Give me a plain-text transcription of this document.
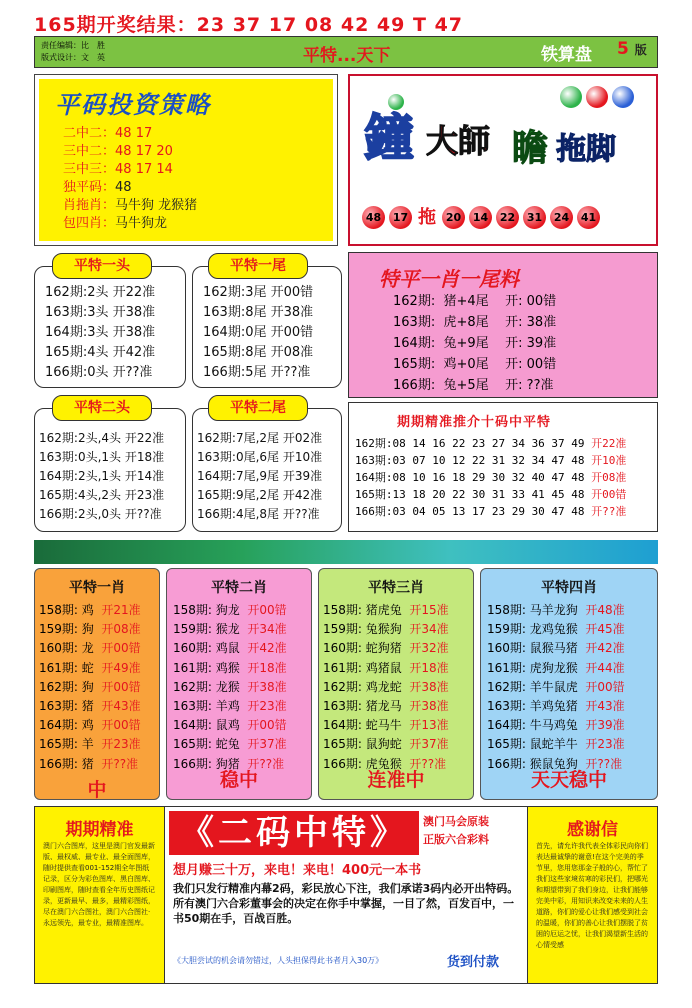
165期开奖结果：23 37 17 08 42 49 T 47
责任编辑：比　胜
版式设计：文　英	平特...天下	铁算盘 5 版
平码投资策略
二中二：48 17
三中二：48 17 20
三中三：48 17 14
独平码：48
肖拖肖：马牛狗 龙猴猪
包四肖：马牛狗龙
鐘 大師 瞻 拖脚
48	17 拖 20	14	22	31	24	41
162期:2头 开22准
163期:3头 开38准
164期:3头 开38准
165期:4头 开42准
166期:0头 开??准
平特一头
162期:3尾 开00错
163期:8尾 开38准
164期:0尾 开00错
165期:8尾 开08准
166期:5尾 开??准
平特一尾
162期:2头,4头 开22准
163期:0头,1头 开18准
164期:2头,1头 开14准
165期:4头,2头 开23准
166期:2头,0头 开??准
平特二头
162期:7尾,2尾 开02准
163期:0尾,6尾 开10准
164期:7尾,9尾 开39准
165期:9尾,2尾 开42准
166期:4尾,8尾 开??准
平特二尾
特平一肖一尾料
162期:  猪+4尾    开: 00错
163期:  虎+8尾    开: 38准
164期:  兔+9尾    开: 39准
165期:  鸡+0尾    开: 00错
166期:  兔+5尾    开: ??准
期期精准推介十码中平特
162期:08 14 16 22 23 27 34 36 37 49 开22准
163期:03 07 10 12 22 31 32 34 47 48 开10准
164期:08 10 16 18 29 30 32 40 47 48 开08准
165期:13 18 20 22 30 31 33 41 45 48 开00错
166期:03 04 05 13 17 23 29 30 47 48 开??准
平特一肖
158期: 鸡  开21准
159期: 狗  开08准
160期: 龙  开00错
161期: 蛇  开49准
162期: 狗  开00错
163期: 猪  开43准
164期: 鸡  开00错
165期: 羊  开23准
166期: 猪  开??准
中
平特二肖
158期: 狗龙  开00错
159期: 猴龙  开34准
160期: 鸡鼠  开42准
161期: 鸡猴  开18准
162期: 龙猴  开38准
163期: 羊鸡  开23准
164期: 鼠鸡  开00错
165期: 蛇兔  开37准
166期: 狗猪  开??准
稳中
平特三肖
158期: 猪虎兔  开15准
159期: 兔猴狗  开34准
160期: 蛇狗猪  开32准
161期: 鸡猪鼠  开18准
162期: 鸡龙蛇  开38准
163期: 猪龙马  开38准
164期: 蛇马牛  开13准
165期: 鼠狗蛇  开37准
166期: 虎兔猴  开??准
连准中
平特四肖
158期: 马羊龙狗  开48准
159期: 龙鸡兔猴  开45准
160期: 鼠猴马猪  开42准
161期: 虎狗龙猴  开44准
162期: 羊牛鼠虎  开00错
163期: 羊鸡兔猪  开43准
164期: 牛马鸡兔  开39准
165期: 鼠蛇羊牛  开23准
166期: 猴鼠兔狗  开??准
天天稳中
期期精准
澳门六合图库，这里是澳门官发最新版、最权威、最专业、最全面图库，随时提供查看001-152期全年图纸记录，区分为彩色图库、黑白图库、印刷图库，随时查看全年历史图纸记录，更新最早、最多，最精彩图纸，尽在澳门六合图社，澳门六合图社·永远领先，最专业，最精准图库。
《二码中特》	澳门马会原装
正版六合彩料
想月赚三十万，来电！来电！400元一本书
我们只发行精准内幕2码，彩民放心下注，我们承诺3码内必开出特码。所有澳门六合彩董事会的决定在你手中掌握，一目了然，百发百中，一书50期在手，百战百胜。
《大胆尝试的机会请勿错过，人头担保得此书者月入30万》	货到付款
感谢信
首先，请允许我代表全体彩民向你们表达最诚挚的谢意!在这个完美的季节里，您用您那金子般的心，帮忙了我们这些家境贫寒的彩民们，把哪光和期望带到了我们身边，让我们能够完美中彩，用知识来改变未来的人生道路，你们的爱心让我们感受到社会的温暖，你们的善心让我们摆脱了贫困的厄运之忧，让我们渴望新生活的心情受感
